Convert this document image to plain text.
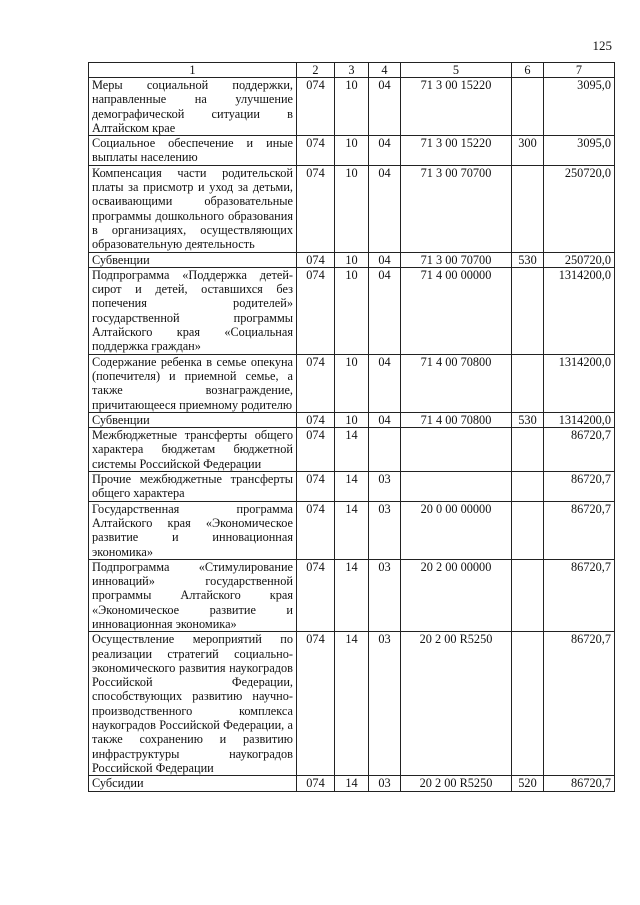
125
1	2	3	4	5	6	7
Меры социальной поддержки, направленные на улучшение демографической ситуации в Алтайском крае	074	10	04	71 3 00 15220		3095,0
Социальное обеспечение и иные выплаты населению	074	10	04	71 3 00 15220	300	3095,0
Компенсация части родительской платы за присмотр и уход за детьми, осваивающими образовательные программы дошкольного образования в организациях, осуществляющих образовательную деятельность	074	10	04	71 3 00 70700		250720,0
Субвенции	074	10	04	71 3 00 70700	530	250720,0
Подпрограмма «Поддержка детей-сирот и детей, оставшихся без попечения родителей» государственной программы Алтайского края «Социальная поддержка граждан»	074	10	04	71 4 00 00000		1314200,0
Содержание ребенка в семье опекуна (попечителя) и приемной семье, а также вознаграждение, причитающееся приемному родителю	074	10	04	71 4 00 70800		1314200,0
Субвенции	074	10	04	71 4 00 70800	530	1314200,0
Межбюджетные трансферты общего характера бюджетам бюджетной системы Российской Федерации	074	14				86720,7
Прочие межбюджетные трансферты общего характера	074	14	03			86720,7
Государственная программа Алтайского края «Экономическое развитие и инновационная экономика»	074	14	03	20 0 00 00000		86720,7
Подпрограмма «Стимулирование инноваций» государственной программы Алтайского края «Экономическое развитие и инновационная экономика»	074	14	03	20 2 00 00000		86720,7
Осуществление мероприятий по реализации стратегий социально-экономического развития наукоградов Российской Федерации, способствующих развитию научно-производственного комплекса наукоградов Российской Федерации, а также сохранению и развитию инфраструктуры наукоградов Российской Федерации	074	14	03	20 2 00 R5250		86720,7
Субсидии	074	14	03	20 2 00 R5250	520	86720,7
